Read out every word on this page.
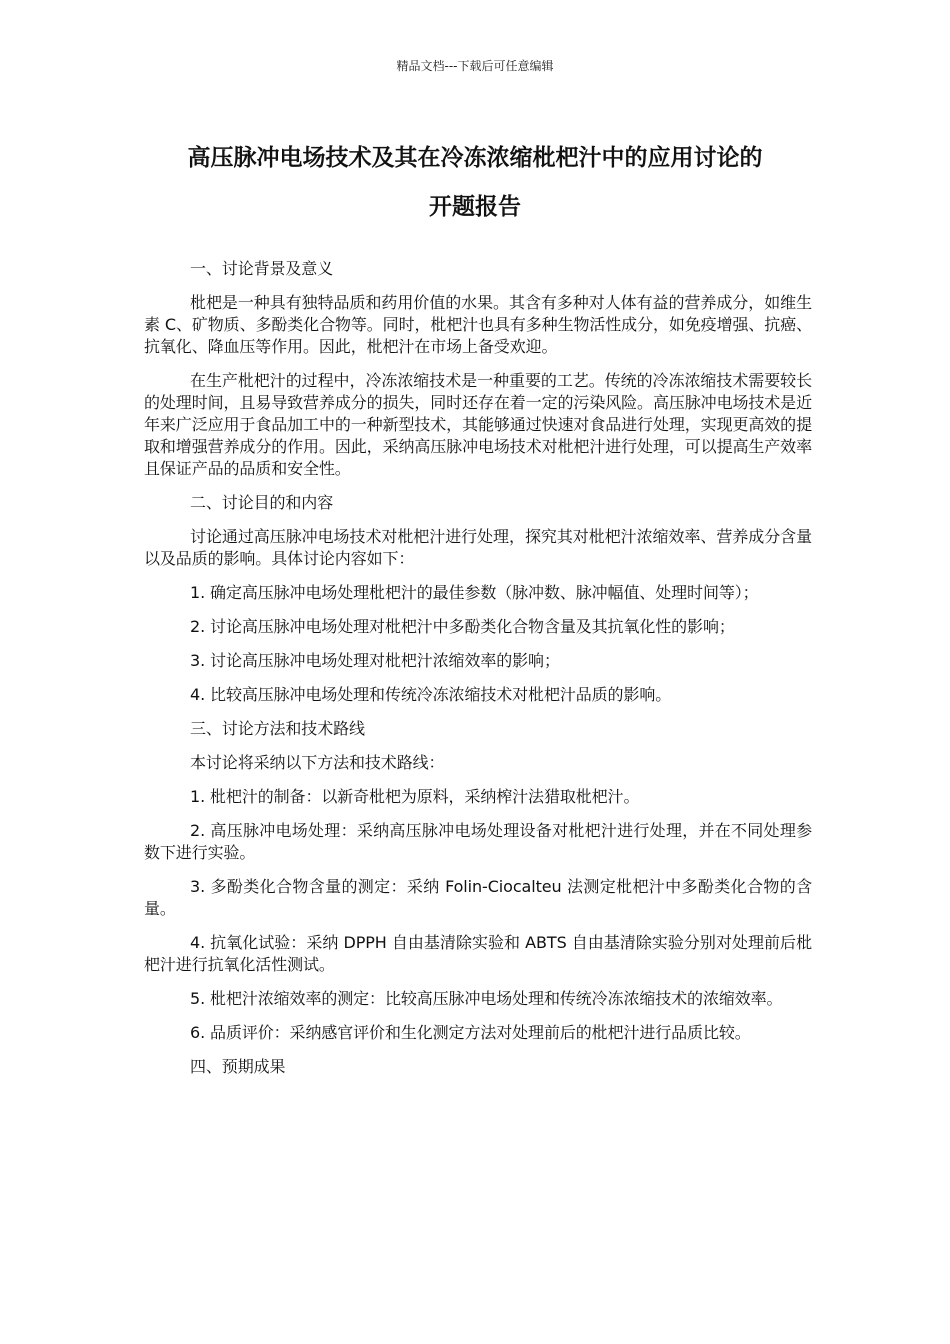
精品文档---下载后可任意编辑
高压脉冲电场技术及其在冷冻浓缩枇杷汁中的应用讨论的
开题报告

一、讨论背景及意义

枇杷是一种具有独特品质和药用价值的水果。其含有多种对人体有益的营养成分，如维生素 C、矿物质、多酚类化合物等。同时，枇杷汁也具有多种生物活性成分，如免疫增强、抗癌、抗氧化、降血压等作用。因此，枇杷汁在市场上备受欢迎。

在生产枇杷汁的过程中，冷冻浓缩技术是一种重要的工艺。传统的冷冻浓缩技术需要较长的处理时间，且易导致营养成分的损失，同时还存在着一定的污染风险。高压脉冲电场技术是近年来广泛应用于食品加工中的一种新型技术，其能够通过快速对食品进行处理，实现更高效的提取和增强营养成分的作用。因此，采纳高压脉冲电场技术对枇杷汁进行处理，可以提高生产效率且保证产品的品质和安全性。

二、讨论目的和内容

讨论通过高压脉冲电场技术对枇杷汁进行处理，探究其对枇杷汁浓缩效率、营养成分含量以及品质的影响。具体讨论内容如下：

1. 确定高压脉冲电场处理枇杷汁的最佳参数（脉冲数、脉冲幅值、处理时间等）；

2. 讨论高压脉冲电场处理对枇杷汁中多酚类化合物含量及其抗氧化性的影响；

3. 讨论高压脉冲电场处理对枇杷汁浓缩效率的影响；

4. 比较高压脉冲电场处理和传统冷冻浓缩技术对枇杷汁品质的影响。

三、讨论方法和技术路线

本讨论将采纳以下方法和技术路线：

1. 枇杷汁的制备：以新奇枇杷为原料，采纳榨汁法猎取枇杷汁。

2. 高压脉冲电场处理：采纳高压脉冲电场处理设备对枇杷汁进行处理，并在不同处理参数下进行实验。

3. 多酚类化合物含量的测定：采纳 Folin-Ciocalteu 法测定枇杷汁中多酚类化合物的含量。

4. 抗氧化试验：采纳 DPPH 自由基清除实验和 ABTS 自由基清除实验分别对处理前后枇杷汁进行抗氧化活性测试。

5. 枇杷汁浓缩效率的测定：比较高压脉冲电场处理和传统冷冻浓缩技术的浓缩效率。

6. 品质评价：采纳感官评价和生化测定方法对处理前后的枇杷汁进行品质比较。

四、预期成果
